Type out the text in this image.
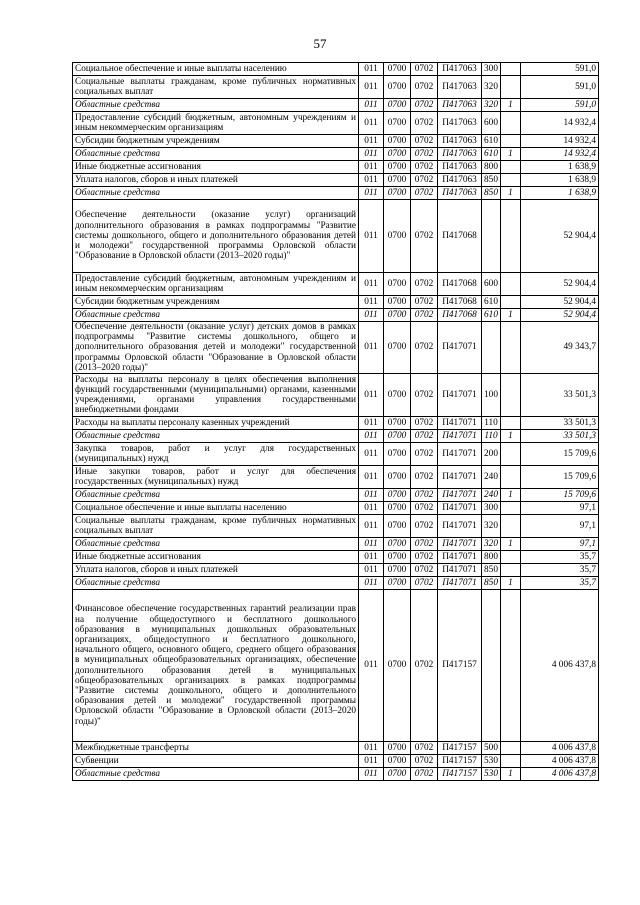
57
Социальное обеспечение и иные выплаты населению	011	0700	0702	П417063	300		591,0
Социальные выплаты гражданам, кроме публичных нормативных социальных выплат	011	0700	0702	П417063	320		591,0
Областные средства	011	0700	0702	П417063	320	1	591,0
Предоставление субсидий бюджетным, автономным учреждениям и иным некоммерческим организациям	011	0700	0702	П417063	600		14 932,4
Субсидии бюджетным учреждениям	011	0700	0702	П417063	610		14 932,4
Областные средства	011	0700	0702	П417063	610	1	14 932,4
Иные бюджетные ассигнования	011	0700	0702	П417063	800		1 638,9
Уплата налогов, сборов и иных платежей	011	0700	0702	П417063	850		1 638,9
Областные средства	011	0700	0702	П417063	850	1	1 638,9
Обеспечение деятельности (оказание услуг) организаций дополнительного образования в рамках подпрограммы "Развитие системы дошкольного, общего и дополнительного образования детей и молодежи" государственной программы Орловской области "Образование в Орловской области (2013–2020 годы)"	011	0700	0702	П417068			52 904,4
Предоставление субсидий бюджетным, автономным учреждениям и иным некоммерческим организациям	011	0700	0702	П417068	600		52 904,4
Субсидии бюджетным учреждениям	011	0700	0702	П417068	610		52 904,4
Областные средства	011	0700	0702	П417068	610	1	52 904,4
Обеспечение деятельности (оказание услуг) детских домов в рамках подпрограммы "Развитие системы дошкольного, общего и дополнительного образования детей и молодежи" государственной программы Орловской области "Образование в Орловской области (2013–2020 годы)"	011	0700	0702	П417071			49 343,7
Расходы на выплаты персоналу в целях обеспечения выполнения функций государственными (муниципальными) органами, казенными учреждениями, органами управления государственными внебюджетными фондами	011	0700	0702	П417071	100		33 501,3
Расходы на выплаты персоналу казенных учреждений	011	0700	0702	П417071	110		33 501,3
Областные средства	011	0700	0702	П417071	110	1	33 501,3
Закупка товаров, работ и услуг для государственных (муниципальных) нужд	011	0700	0702	П417071	200		15 709,6
Иные закупки товаров, работ и услуг для обеспечения государственных (муниципальных) нужд	011	0700	0702	П417071	240		15 709,6
Областные средства	011	0700	0702	П417071	240	1	15 709,6
Социальное обеспечение и иные выплаты населению	011	0700	0702	П417071	300		97,1
Социальные выплаты гражданам, кроме публичных нормативных социальных выплат	011	0700	0702	П417071	320		97,1
Областные средства	011	0700	0702	П417071	320	1	97,1
Иные бюджетные ассигнования	011	0700	0702	П417071	800		35,7
Уплата налогов, сборов и иных платежей	011	0700	0702	П417071	850		35,7
Областные средства	011	0700	0702	П417071	850	1	35,7
Финансовое обеспечение государственных гарантий реализации прав на получение общедоступного и бесплатного дошкольного образования в муниципальных дошкольных образовательных организациях, общедоступного и бесплатного дошкольного, начального общего, основного общего, среднего общего образования в муниципальных общеобразовательных организациях, обеспечение дополнительного образования детей в муниципальных общеобразовательных организациях в рамках подпрограммы "Развитие системы дошкольного, общего и дополнительного образования детей и молодежи" государственной программы Орловской области "Образование в Орловской области (2013–2020 годы)"	011	0700	0702	П417157			4 006 437,8
Межбюджетные трансферты	011	0700	0702	П417157	500		4 006 437,8
Субвенции	011	0700	0702	П417157	530		4 006 437,8
Областные средства	011	0700	0702	П417157	530	1	4 006 437,8
